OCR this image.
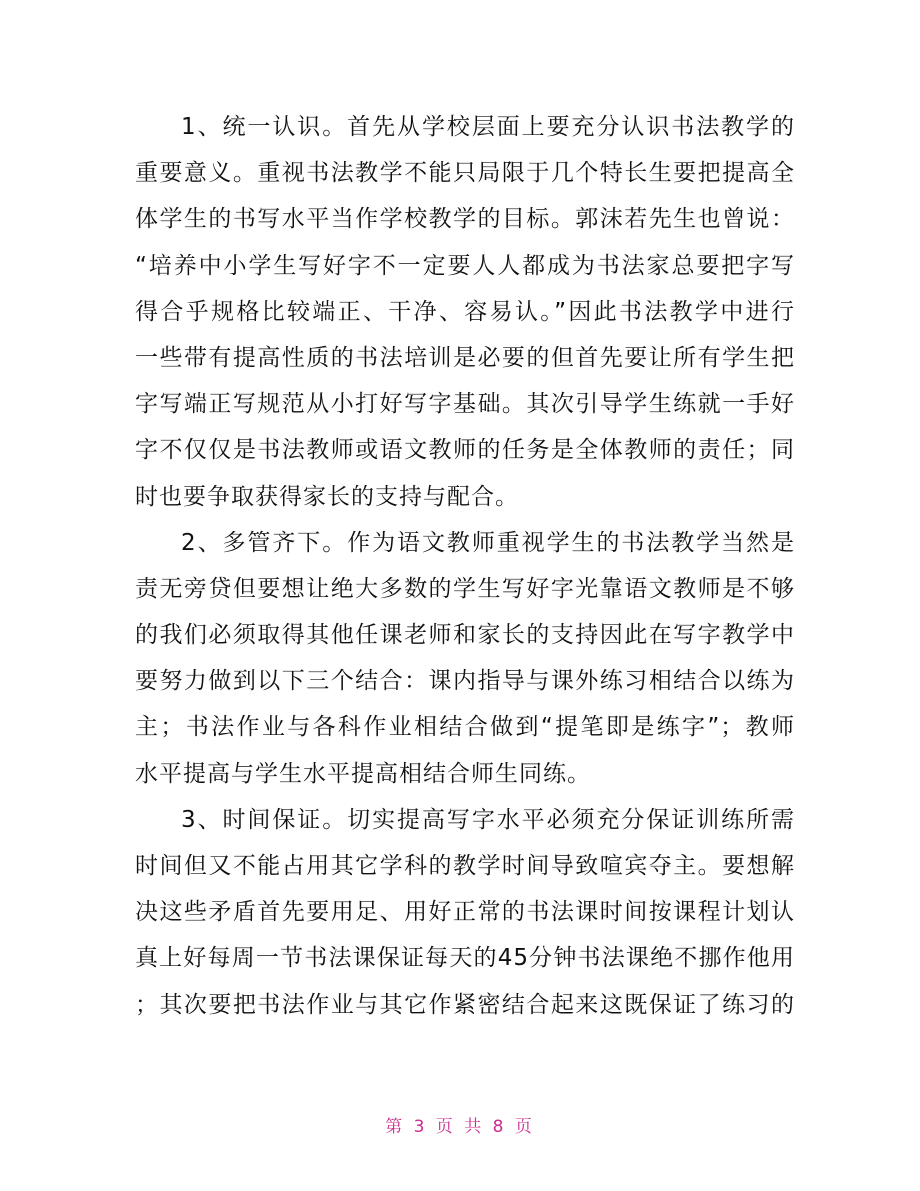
1、统一认识。首先从学校层面上要充分认识书法教学的
重要意义。重视书法教学不能只局限于几个特长生要把提高全
体学生的书写水平当作学校教学的目标。郭沫若先生也曾说：
“培养中小学生写好字不一定要人人都成为书法家总要把字写
得合乎规格比较端正、干净、容易认。”因此书法教学中进行
一些带有提高性质的书法培训是必要的但首先要让所有学生把
字写端正写规范从小打好写字基础。其次引导学生练就一手好
字不仅仅是书法教师或语文教师的任务是全体教师的责任；同
时也要争取获得家长的支持与配合。
2、多管齐下。作为语文教师重视学生的书法教学当然是
责无旁贷但要想让绝大多数的学生写好字光靠语文教师是不够
的我们必须取得其他任课老师和家长的支持因此在写字教学中
要努力做到以下三个结合：课内指导与课外练习相结合以练为
主；书法作业与各科作业相结合做到“提笔即是练字”；教师
水平提高与学生水平提高相结合师生同练。
3、时间保证。切实提高写字水平必须充分保证训练所需
时间但又不能占用其它学科的教学时间导致喧宾夺主。要想解
决这些矛盾首先要用足、用好正常的书法课时间按课程计划认
真上好每周一节书法课保证每天的45分钟书法课绝不挪作他用
；其次要把书法作业与其它作紧密结合起来这既保证了练习的
第 3 页 共 8 页
